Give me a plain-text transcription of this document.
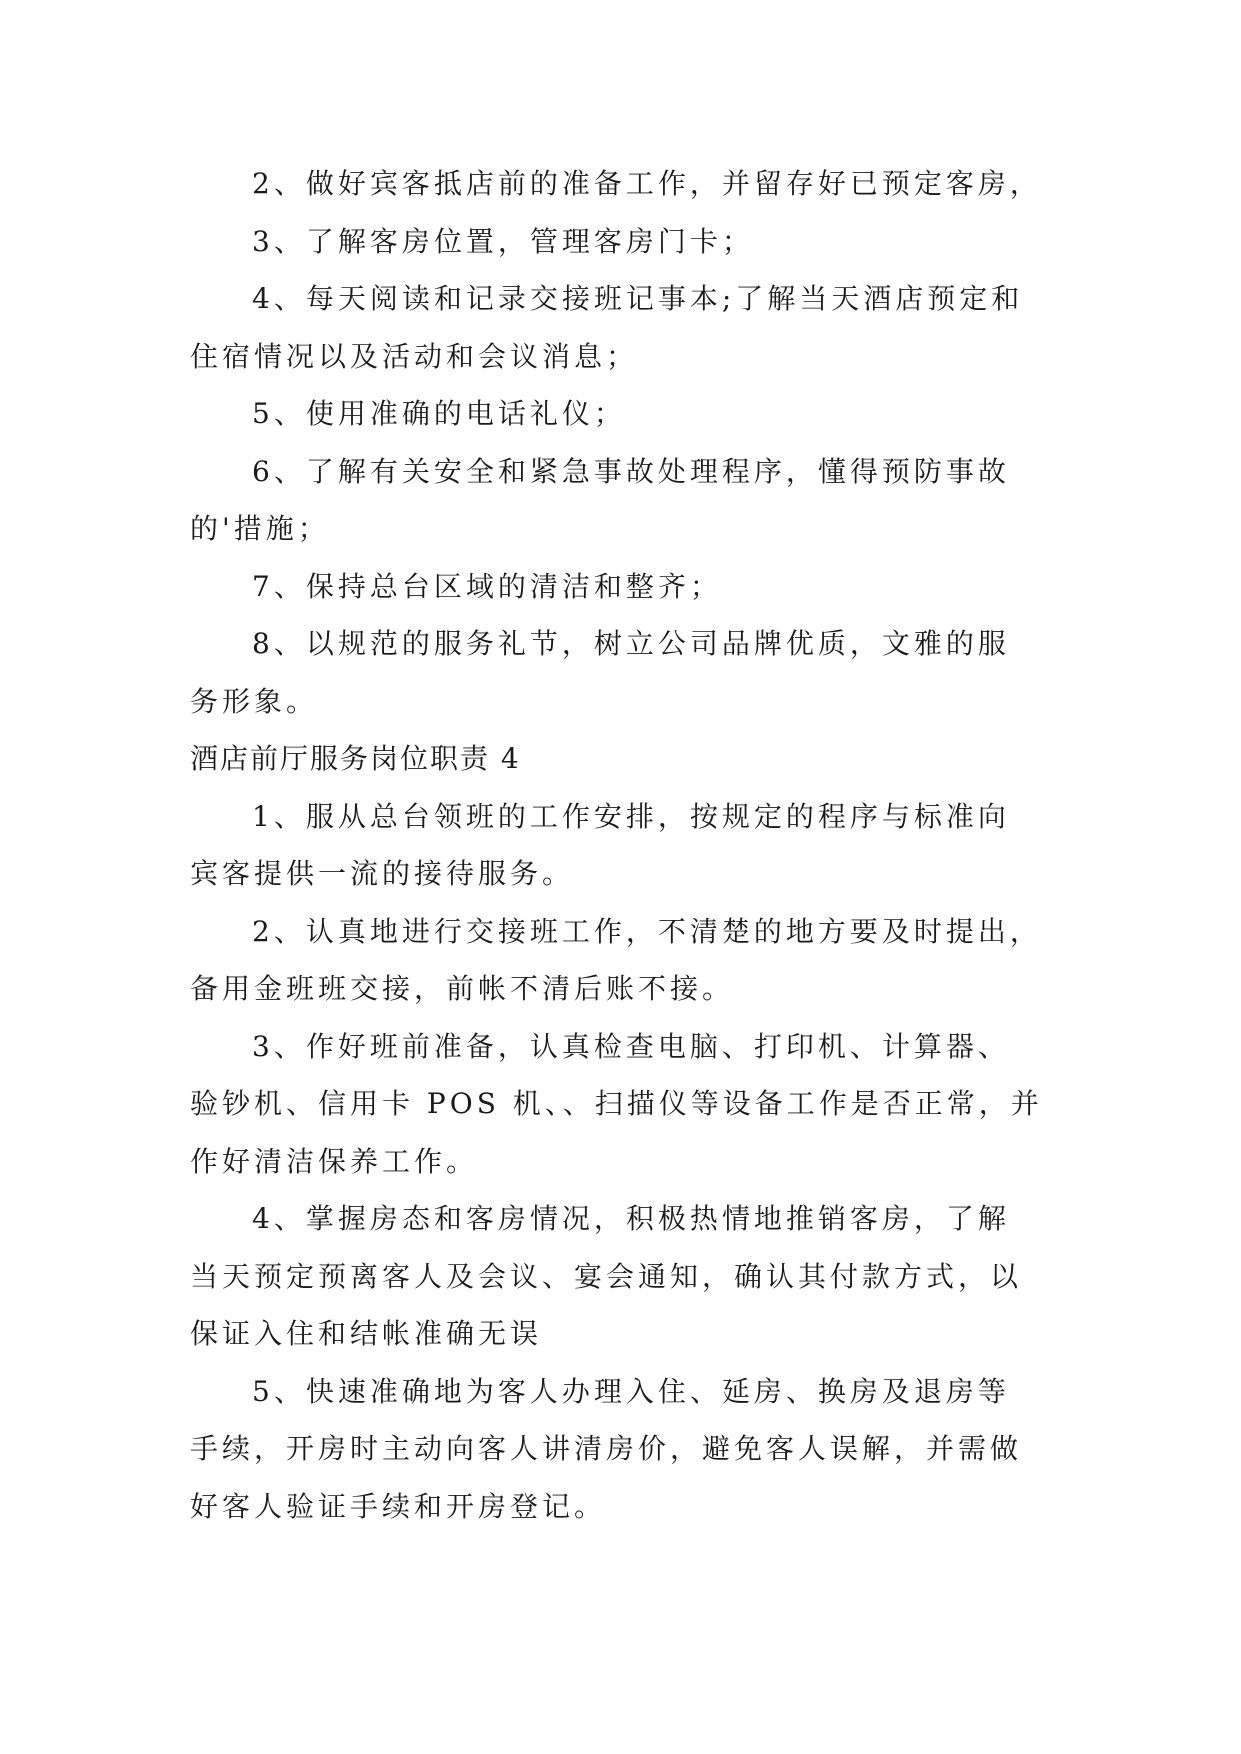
2、做好宾客抵店前的准备工作，并留存好已预定客房，
3、了解客房位置，管理客房门卡；
4、每天阅读和记录交接班记事本;了解当天酒店预定和
住宿情况以及活动和会议消息；
5、使用准确的电话礼仪；
6、了解有关安全和紧急事故处理程序，懂得预防事故
的'措施；
7、保持总台区域的清洁和整齐；
8、以规范的服务礼节，树立公司品牌优质，文雅的服
务形象。
酒店前厅服务岗位职责 4
1、服从总台领班的工作安排，按规定的程序与标准向
宾客提供一流的接待服务。
2、认真地进行交接班工作，不清楚的地方要及时提出，
备用金班班交接，前帐不清后账不接。
3、作好班前准备，认真检查电脑、打印机、计算器、
验钞机、信用卡 POS 机、、扫描仪等设备工作是否正常，并
作好清洁保养工作。
4、掌握房态和客房情况，积极热情地推销客房，了解
当天预定预离客人及会议、宴会通知，确认其付款方式，以
保证入住和结帐准确无误
5、快速准确地为客人办理入住、延房、换房及退房等
手续，开房时主动向客人讲清房价，避免客人误解，并需做
好客人验证手续和开房登记。
